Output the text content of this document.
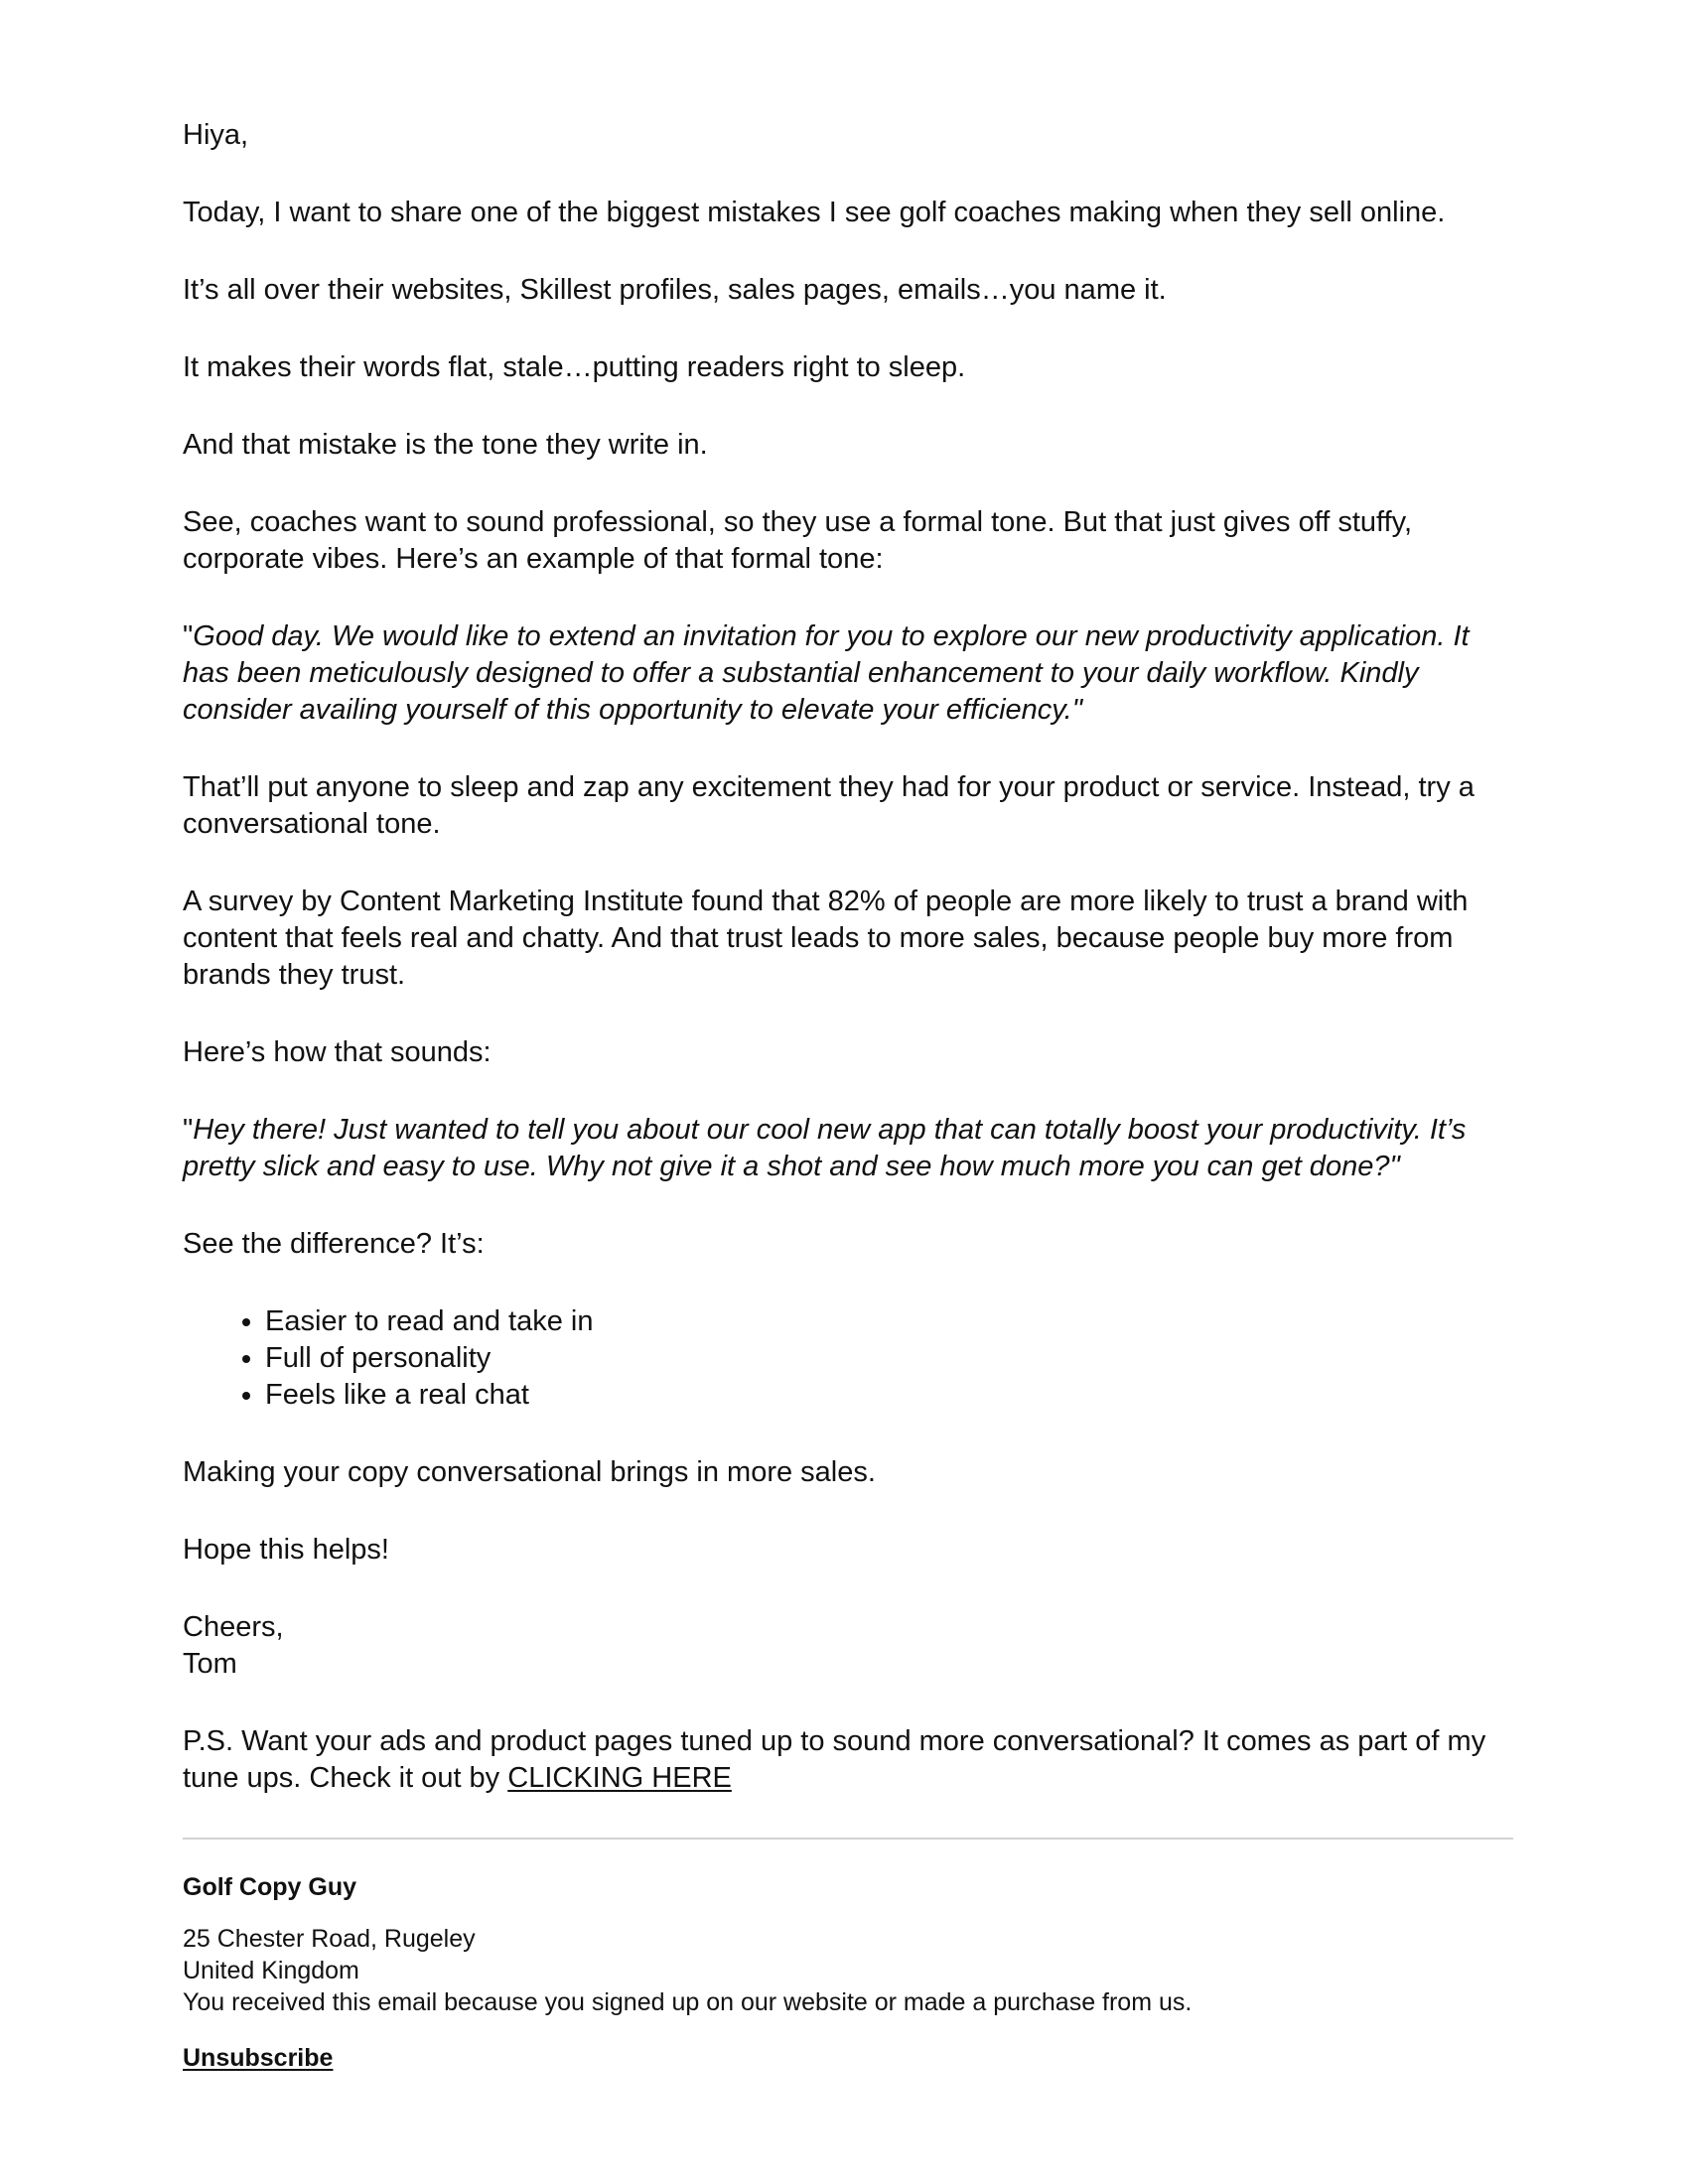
Hiya,

Today, I want to share one of the biggest mistakes I see golf coaches making when they sell online.

It’s all over their websites, Skillest profiles, sales pages, emails…you name it.

It makes their words flat, stale…putting readers right to sleep.

And that mistake is the tone they write in.

See, coaches want to sound professional, so they use a formal tone. But that just gives off stuffy, corporate vibes. Here’s an example of that formal tone:

"Good day. We would like to extend an invitation for you to explore our new productivity application. It has been meticulously designed to offer a substantial enhancement to your daily workflow. Kindly consider availing yourself of this opportunity to elevate your efficiency."

That’ll put anyone to sleep and zap any excitement they had for your product or service. Instead, try a conversational tone.

A survey by Content Marketing Institute found that 82% of people are more likely to trust a brand with content that feels real and chatty. And that trust leads to more sales, because people buy more from brands they trust.

Here’s how that sounds:

"Hey there! Just wanted to tell you about our cool new app that can totally boost your productivity. It’s pretty slick and easy to use. Why not give it a shot and see how much more you can get done?"

See the difference? It’s:

• Easier to read and take in
• Full of personality
• Feels like a real chat

Making your copy conversational brings in more sales.

Hope this helps!

Cheers,
Tom

P.S. Want your ads and product pages tuned up to sound more conversational? It comes as part of my tune ups. Check it out by CLICKING HERE

Golf Copy Guy

25 Chester Road, Rugeley

United Kingdom

You received this email because you signed up on our website or made a purchase from us.

Unsubscribe
